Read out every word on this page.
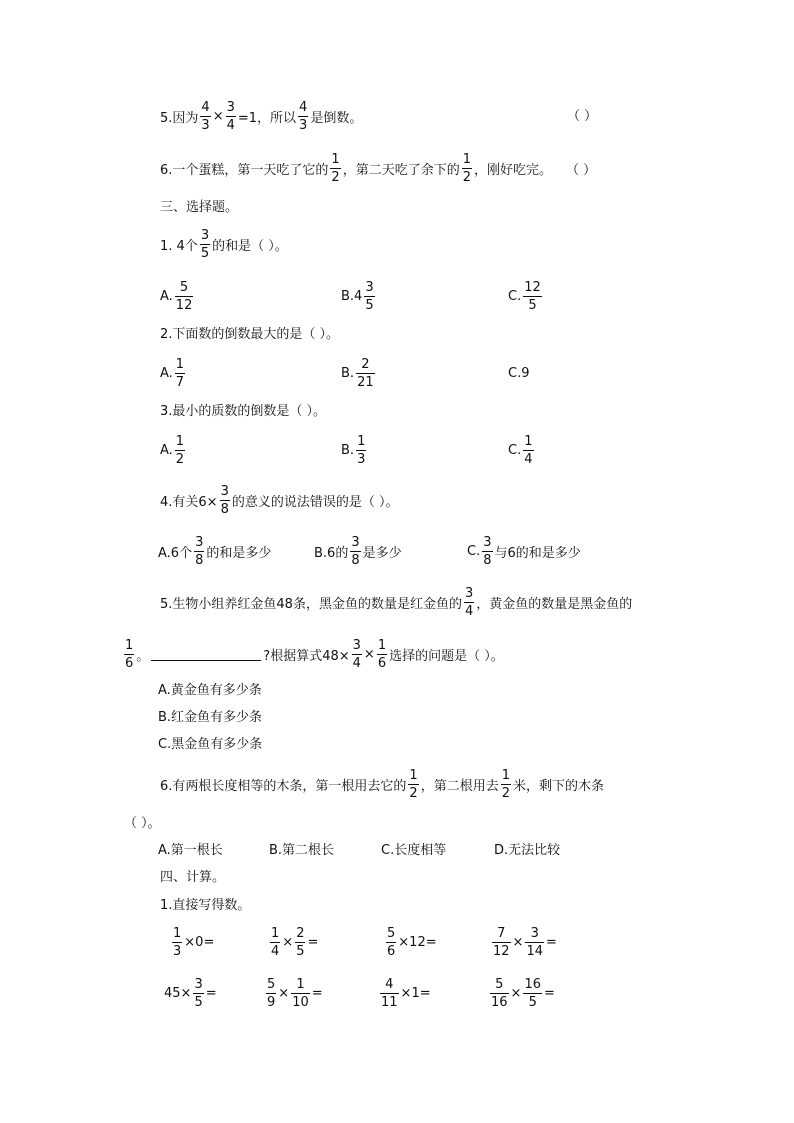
5.因为 $\frac{4}{3} \times \frac{3}{4} =1$，所以 $\frac{4}{3}$ 是倒数。	（ ）
6.一个蛋糕，第一天吃了它的 $\frac{1}{2}$ ，第二天吃了余下的 $\frac{1}{2}$ ，刚好吃完。 （ ）
三、选择题。
1. 4个 $\frac{3}{5}$ 的和是（ ）。
A. $\frac{5}{12}$	$B.4 \frac{3}{5}$	C. $\frac{12}{5}$
2.下面数的倒数最大的是（ ）。
A. $\frac{1}{7}$	B. $\frac{2}{21}$	C.9
3.最小的质数的倒数是（ ）。
A. $\frac{1}{2}$	B. $\frac{1}{3}$	C. $\frac{1}{4}$
4.有关$6\times \frac{3}{8}$ 的意义的说法错误的是（ ）。
A.6个 $\frac{3}{8}$ 的和是多少	B.6的 $\frac{3}{8}$ 是多少	C. $\frac{3}{8}$ 与6的和是多少
5.生物小组养红金鱼48条，黑金鱼的数量是红金鱼的 $\frac{3}{4}$ ，黄金鱼的数量是黑金鱼的
$\frac{1}{6}$ 。	?根据算式$48\times \frac{3}{4} \times \frac{1}{6}$ 选择的问题是（ ）。
A.黄金鱼有多少条
B.红金鱼有多少条
C.黑金鱼有多少条
6.有两根长度相等的木条，第一根用去它的 $\frac{1}{2}$ ，第二根用去 $\frac{1}{2}$ 米，剩下的木条
（ ）。
A.第一根长	B.第二根长	C.长度相等	D.无法比较
四、计算。
1.直接写得数。
$\frac{1}{3} \times 0=$	$\frac{1}{4} \times \frac{2}{5}$ =	$\frac{5}{6} \times 12=$	$\frac{7}{12} \times \frac{3}{14}$ =
$45\times \frac{3}{5}$ =	$\frac{5}{9} \times \frac{1}{10}$ =	$\frac{4}{11} \times 1=$	$\frac{5}{16} \times \frac{16}{5}$ =
